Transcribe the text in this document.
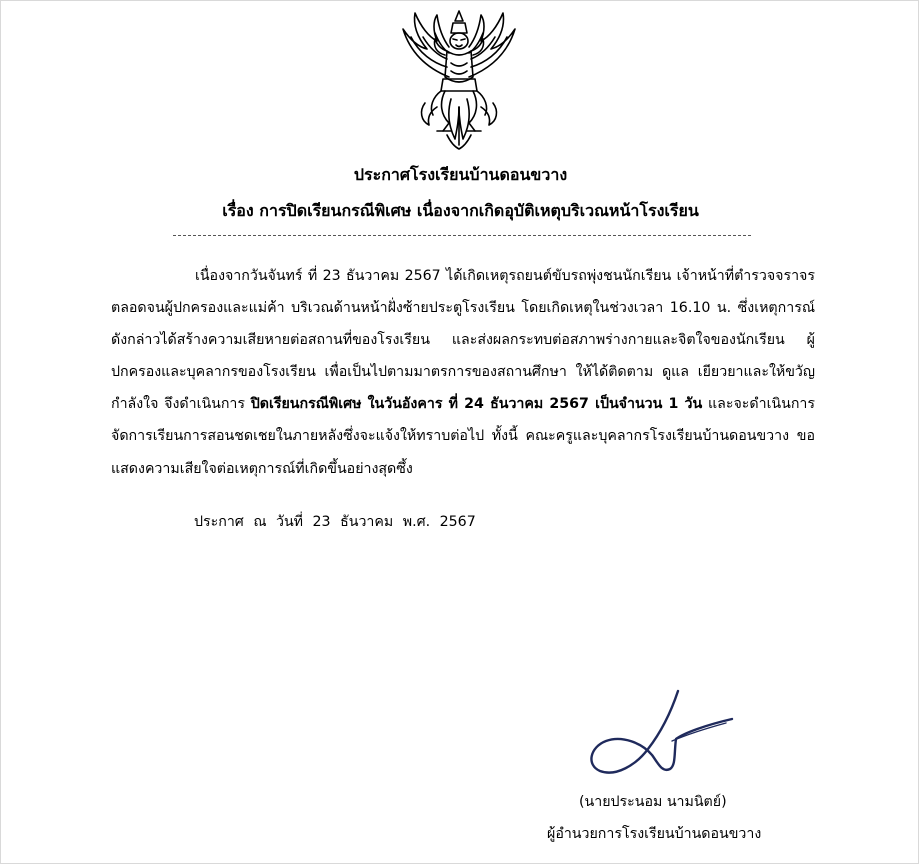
ประกาศโรงเรียนบ้านดอนขวาง
เรื่อง การปิดเรียนกรณีพิเศษ เนื่องจากเกิดอุบัติเหตุบริเวณหน้าโรงเรียน

เนื่องจากวันจันทร์ ที่ 23 ธันวาคม 2567 ได้เกิดเหตุรถยนต์ขับรถพุ่งชนนักเรียน เจ้าหน้าที่ตำรวจจราจร ตลอดจนผู้ปกครองและแม่ค้า บริเวณด้านหน้าฝั่งซ้ายประตูโรงเรียน โดยเกิดเหตุในช่วงเวลา 16.10 น. ซึ่งเหตุการณ์ดังกล่าวได้สร้างความเสียหายต่อสถานที่ของโรงเรียน และส่งผลกระทบต่อสภาพร่างกายและจิตใจของนักเรียน ผู้ปกครองและบุคลากรของโรงเรียน เพื่อเป็นไปตามมาตรการของสถานศึกษา ให้ได้ติดตาม ดูแล เยียวยาและให้ขวัญกำลังใจ จึงดำเนินการ ปิดเรียนกรณีพิเศษ ในวันอังคาร ที่ 24 ธันวาคม 2567 เป็นจำนวน 1 วัน และจะดำเนินการจัดการเรียนการสอนชดเชยในภายหลังซึ่งจะแจ้งให้ทราบต่อไป ทั้งนี้ คณะครูและบุคลากรโรงเรียนบ้านดอนขวาง ขอแสดงความเสียใจต่อเหตุการณ์ที่เกิดขึ้นอย่างสุดซึ้ง

ประกาศ ณ วันที่ 23 ธันวาคม พ.ศ. 2567
(นายประนอม นามนิตย์)
ผู้อำนวยการโรงเรียนบ้านดอนขวาง
